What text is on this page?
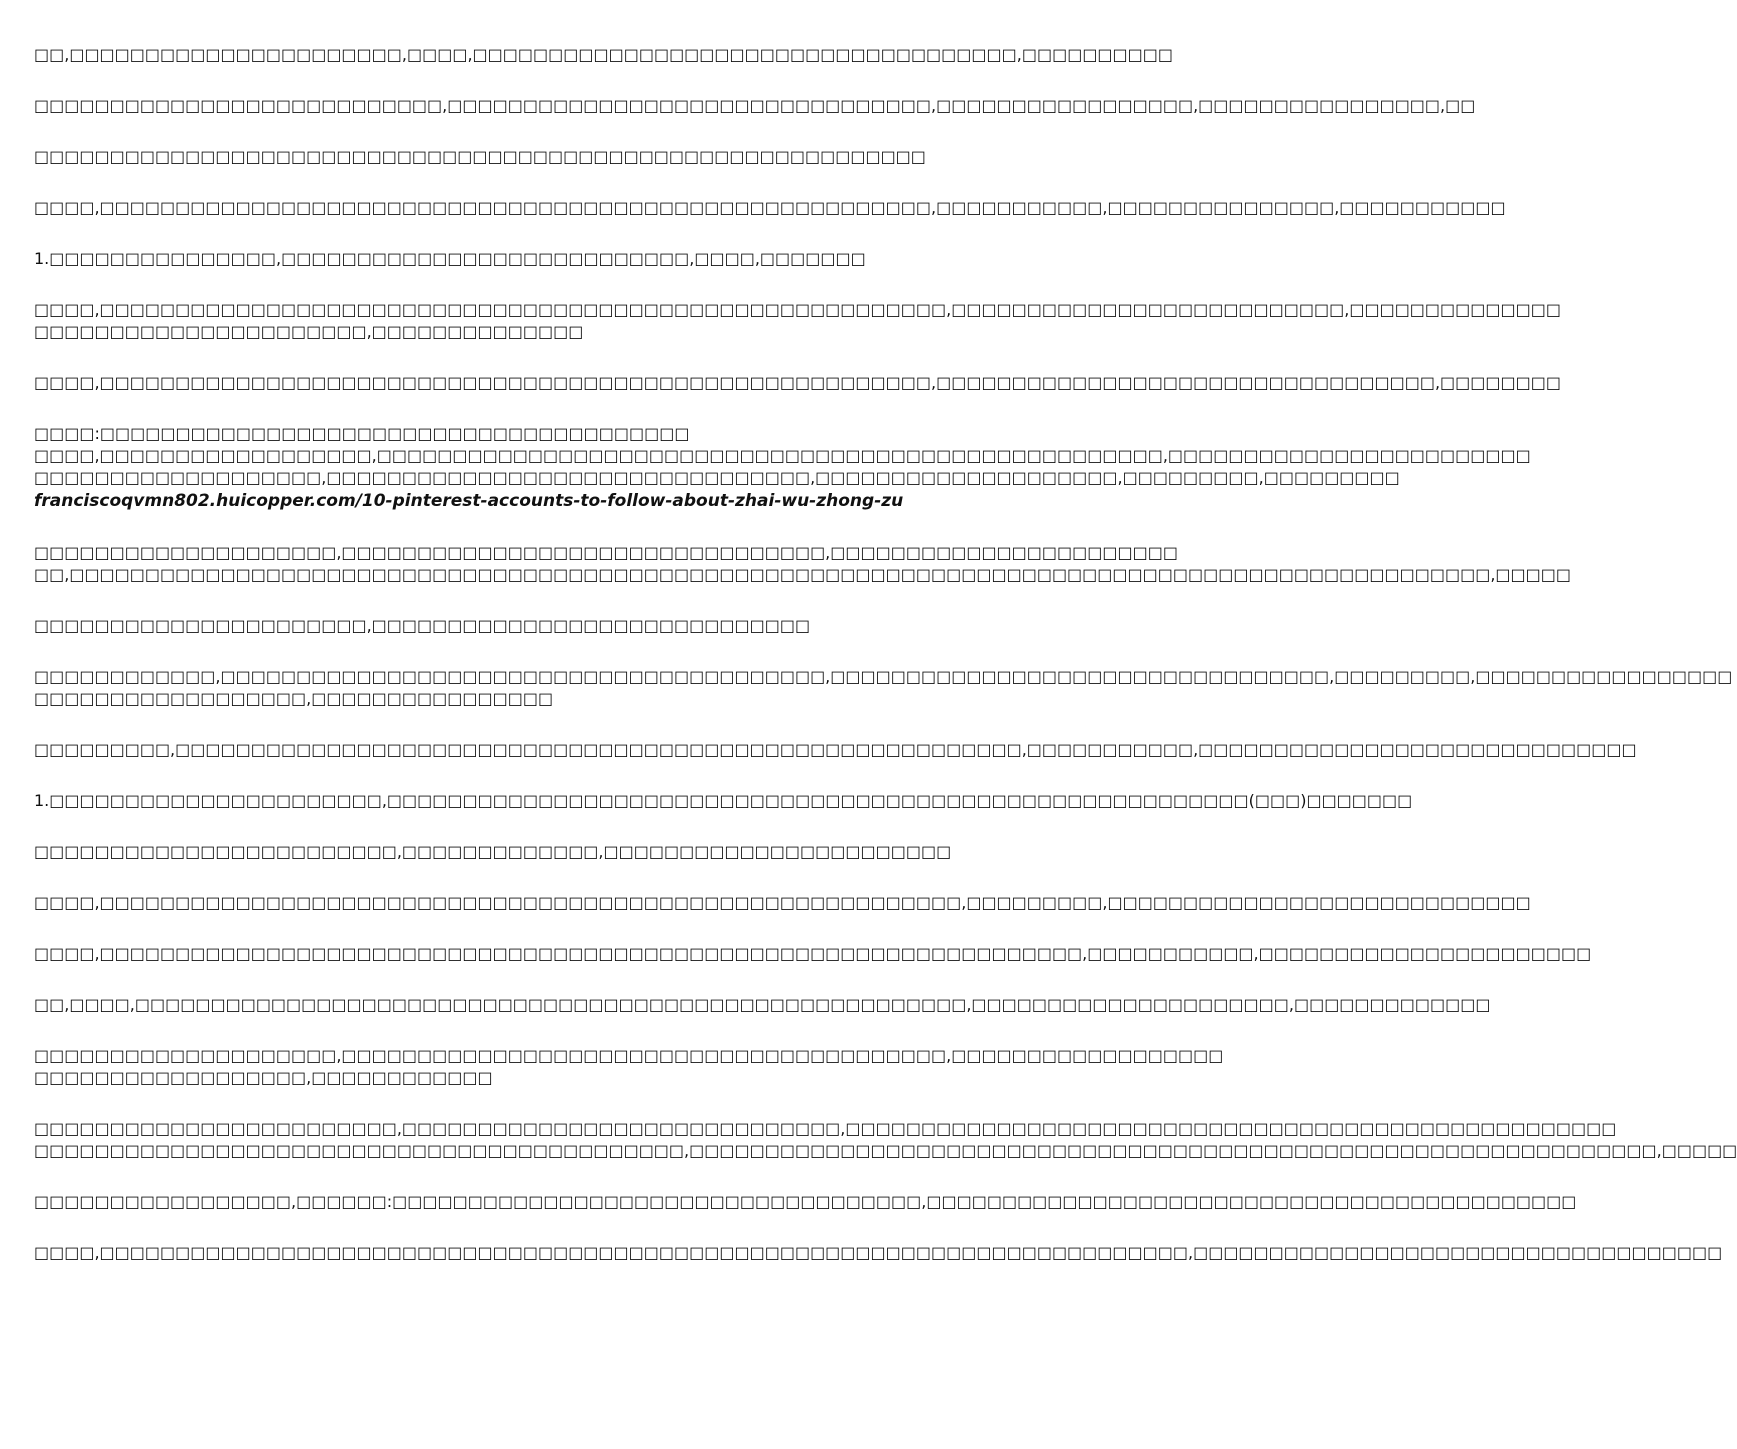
□□,□□□□□□□□□□□□□□□□□□□□□□,□□□□,□□□□□□□□□□□□□□□□□□□□□□□□□□□□□□□□□□□□,□□□□□□□□□□

□□□□□□□□□□□□□□□□□□□□□□□□□□□,□□□□□□□□□□□□□□□□□□□□□□□□□□□□□□□□,□□□□□□□□□□□□□□□□□,□□□□□□□□□□□□□□□□,□□

□□□□□□□□□□□□□□□□□□□□□□□□□□□□□□□□□□□□□□□□□□□□□□□□□□□□□□□□□□□

□□□□,□□□□□□□□□□□□□□□□□□□□□□□□□□□□□□□□□□□□□□□□□□□□□□□□□□□□□□□,□□□□□□□□□□□,□□□□□□□□□□□□□□□,□□□□□□□□□□□

1.□□□□□□□□□□□□□□□,□□□□□□□□□□□□□□□□□□□□□□□□□□□,□□□□,□□□□□□□

□□□□,□□□□□□□□□□□□□□□□□□□□□□□□□□□□□□□□□□□□□□□□□□□□□□□□□□□□□□□□,□□□□□□□□□□□□□□□□□□□□□□□□□□,□□□□□□□□□□□□□□

□□□□□□□□□□□□□□□□□□□□□□,□□□□□□□□□□□□□□

□□□□,□□□□□□□□□□□□□□□□□□□□□□□□□□□□□□□□□□□□□□□□□□□□□□□□□□□□□□□,□□□□□□□□□□□□□□□□□□□□□□□□□□□□□□□□□,□□□□□□□□

□□□□:□□□□□□□□□□□□□□□□□□□□□□□□□□□□□□□□□□□□□□□

□□□□,□□□□□□□□□□□□□□□□□□,□□□□□□□□□□□□□□□□□□□□□□□□□□□□□□□□□□□□□□□□□□□□□□□□□□□□,□□□□□□□□□□□□□□□□□□□□□□□□

□□□□□□□□□□□□□□□□□□□,□□□□□□□□□□□□□□□□□□□□□□□□□□□□□□□□,□□□□□□□□□□□□□□□□□□□□,□□□□□□□□□,□□□□□□□□□

franciscoqvmn802.huicopper.com/10-pinterest-accounts-to-follow-about-zhai-wu-zhong-zu

□□□□□□□□□□□□□□□□□□□□,□□□□□□□□□□□□□□□□□□□□□□□□□□□□□□□□,□□□□□□□□□□□□□□□□□□□□□□□

□□,□□□□□□□□□□□□□□□□□□□□□□□□□□□□□□□□□□□□□□□□□□□□□□□□□□□□□□□□□□□□□□□□□□□□□□□□□□□□□□□□□□□□□□□□□□□□□□,□□□□□

□□□□□□□□□□□□□□□□□□□□□□,□□□□□□□□□□□□□□□□□□□□□□□□□□□□□

□□□□□□□□□□□□,□□□□□□□□□□□□□□□□□□□□□□□□□□□□□□□□□□□□□□□□,□□□□□□□□□□□□□□□□□□□□□□□□□□□□□□□□□,□□□□□□□□□,□□□□□□□□□□□□□□□□□

□□□□□□□□□□□□□□□□□□,□□□□□□□□□□□□□□□□

□□□□□□□□□,□□□□□□□□□□□□□□□□□□□□□□□□□□□□□□□□□□□□□□□□□□□□□□□□□□□□□□□□,□□□□□□□□□□□,□□□□□□□□□□□□□□□□□□□□□□□□□□□□□

1.□□□□□□□□□□□□□□□□□□□□□□,□□□□□□□□□□□□□□□□□□□□□□□□□□□□□□□□□□□□□□□□□□□□□□□□□□□□□□□□□(□□□)□□□□□□□

□□□□□□□□□□□□□□□□□□□□□□□□,□□□□□□□□□□□□□,□□□□□□□□□□□□□□□□□□□□□□□

□□□□,□□□□□□□□□□□□□□□□□□□□□□□□□□□□□□□□□□□□□□□□□□□□□□□□□□□□□□□□□,□□□□□□□□□,□□□□□□□□□□□□□□□□□□□□□□□□□□□□

□□□□,□□□□□□□□□□□□□□□□□□□□□□□□□□□□□□□□□□□□□□□□□□□□□□□□□□□□□□□□□□□□□□□□□,□□□□□□□□□□□,□□□□□□□□□□□□□□□□□□□□□□

□□,□□□□,□□□□□□□□□□□□□□□□□□□□□□□□□□□□□□□□□□□□□□□□□□□□□□□□□□□□□□□,□□□□□□□□□□□□□□□□□□□□□,□□□□□□□□□□□□□

□□□□□□□□□□□□□□□□□□□□,□□□□□□□□□□□□□□□□□□□□□□□□□□□□□□□□□□□□□□□□,□□□□□□□□□□□□□□□□□□

□□□□□□□□□□□□□□□□□□,□□□□□□□□□□□□

□□□□□□□□□□□□□□□□□□□□□□□□,□□□□□□□□□□□□□□□□□□□□□□□□□□□□□,□□□□□□□□□□□□□□□□□□□□□□□□□□□□□□□□□□□□□□□□□□□□□□□□□□□

□□□□□□□□□□□□□□□□□□□□□□□□□□□□□□□□□□□□□□□□□□□,□□□□□□□□□□□□□□□□□□□□□□□□□□□□□□□□□□□□□□□□□□□□□□□□□□□□□□□□□□□□□□□□,□□□□□

□□□□□□□□□□□□□□□□□,□□□□□□:□□□□□□□□□□□□□□□□□□□□□□□□□□□□□□□□□□□,□□□□□□□□□□□□□□□□□□□□□□□□□□□□□□□□□□□□□□□□□□□

□□□□,□□□□□□□□□□□□□□□□□□□□□□□□□□□□□□□□□□□□□□□□□□□□□□□□□□□□□□□□□□□□□□□□□□□□□□□□,□□□□□□□□□□□□□□□□□□□□□□□□□□□□□□□□□□□
